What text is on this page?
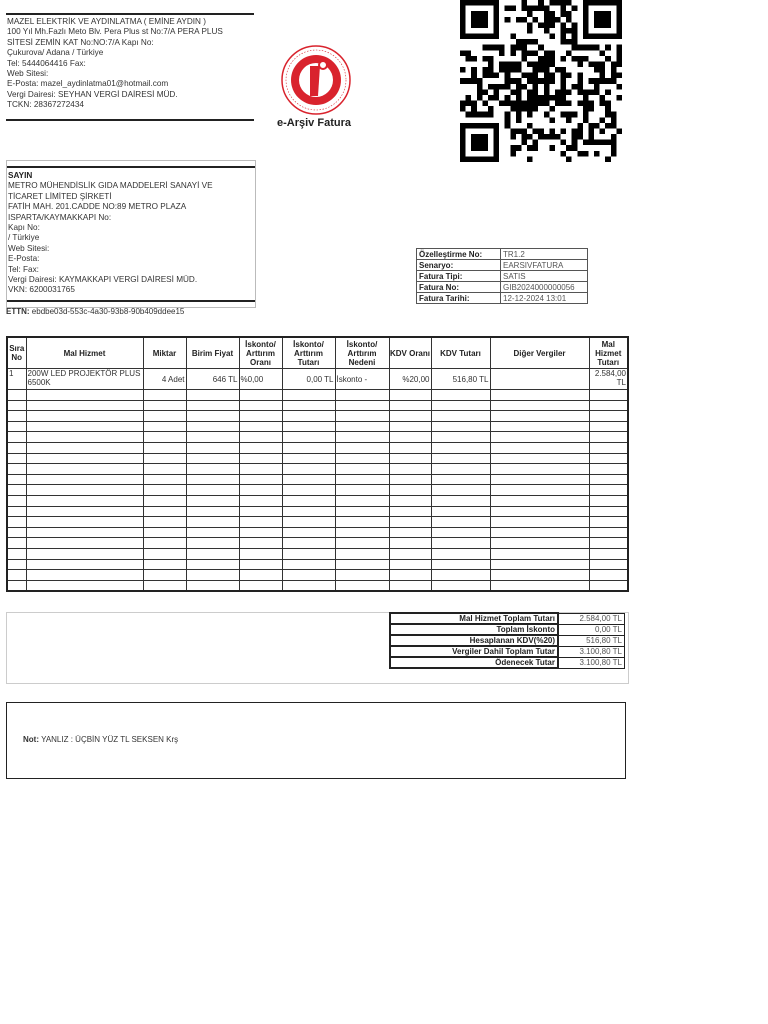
MAZEL ELEKTRİK VE AYDINLATMA ( EMİNE AYDIN )
100 Yıl Mh.Fazlı Meto Blv. Pera Plus st No:7/A PERA PLUS
SİTESİ ZEMİN KAT No:NO:7/A Kapı No:
Çukurova/ Adana / Türkiye
Tel: 5444064416 Fax:
Web Sitesi:
E-Posta: mazel_aydinlatma01@hotmail.com
Vergi Dairesi: SEYHAN VERGİ DAİRESİ MÜD.
TCKN: 28367272434
e-Arşiv Fatura
SAYIN
METRO MÜHENDİSLİK GIDA MADDELERİ SANAYİ VE
TİCARET LİMİTED ŞİRKETİ
FATİH MAH. 201.CADDE NO:89 METRO PLAZA
ISPARTA/KAYMAKKAPI No:
Kapı No:
/ Türkiye
Web Sitesi:
E-Posta:
Tel: Fax:
Vergi Dairesi: KAYMAKKAPI VERGİ DAİRESİ MÜD.
VKN: 6200031765
Özelleştirme No:	TR1.2
Senaryo:	EARSIVFATURA
Fatura Tipi:	SATIS
Fatura No:	GIB2024000000056
Fatura Tarihi:	12-12-2024 13:01
ETTN: ebdbe03d-553c-4a30-93b8-90b409ddee15
Sıra No	Mal Hizmet	Miktar	Birim Fiyat	İskonto/ Arttırım Oranı	İskonto/ Arttırım Tutarı	İskonto/ Arttırım Nedeni	KDV Oranı	KDV Tutarı	Diğer Vergiler	Mal Hizmet Tutarı
1	200W LED PROJEKTÖR PLUS 6500K	4 Adet	646 TL	%0,00	0,00 TL	İskonto -	%20,00	516,80 TL		2.584,00 TL

Mal Hizmet Toplam Tutarı	2.584,00 TL
Toplam İskonto	0,00 TL
Hesaplanan KDV(%20)	516,80 TL
Vergiler Dahil Toplam Tutar	3.100,80 TL
Ödenecek Tutar	3.100,80 TL
Not: YANLIZ : ÜÇBİN YÜZ TL SEKSEN Krş
